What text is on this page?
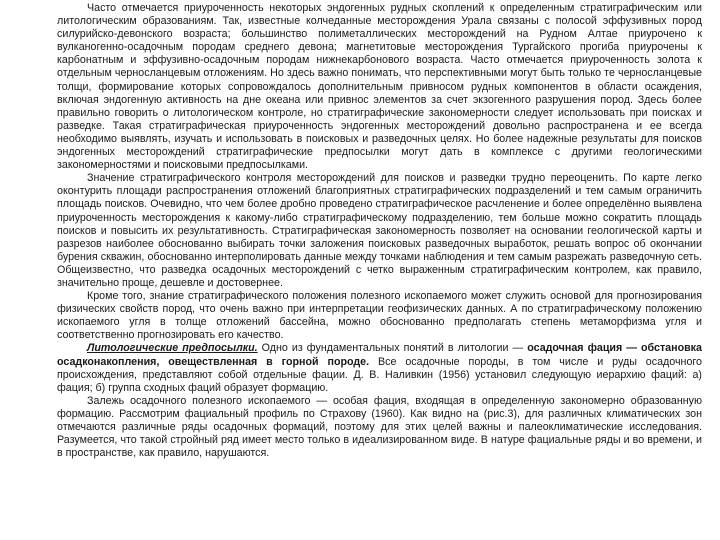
Часто отмечается приуроченность некоторых эндогенных рудных скоплений к определенным стратиграфическим или литологическим образованиям. Так, известные колчеданные месторождения Урала связаны с полосой эффузивных пород силурийско-девонского возраста; большинство полиметаллических месторождений на Рудном Алтае приурочено к вулканогенно-осадочным породам среднего девона; магнетитовые месторождения Тургайского прогиба приурочены к карбонатным и эффузивно-осадочным породам нижнекарбонового возраста. Часто отмечается приуроченность золота к отдельным черносланцевым отложениям. Но здесь важно понимать, что перспективными могут быть только те черносланцевые толщи, формирование которых сопровождалось дополнительным привносом рудных компонентов в области осаждения, включая эндогенную активность на дне океана или привнос элементов за счет экзогенного разрушения пород. Здесь более правильно говорить о литологическом контроле, но стратиграфические закономерности следует использовать при поисках и разведке. Такая стратиграфическая приуроченность эндогенных месторождений довольно распространена и ее всегда необходимо выявлять, изучать и использовать в поисковых и разведочных целях. Но более надежные результаты для поисков эндогенных месторождений стратиграфические предпосылки могут дать в комплексе с другими геологическими закономерностями и поисковыми предпосылками.

Значение стратиграфического контроля месторождений для поисков и разведки трудно переоценить. По карте легко оконтурить площади распространения отложений благоприятных стратиграфических подразделений и тем самым ограничить площадь поисков. Очевидно, что чем более дробно проведено стратиграфическое расчленение и более определённо выявлена приуроченность месторождения к какому-либо стратиграфическому подразделению, тем больше можно сократить площадь поисков и повысить их результативность. Стратиграфическая закономерность позволяет на основании геологической карты и разрезов наиболее обоснованно выбирать точки заложения поисковых разведочных выработок, решать вопрос об окончании бурения скважин, обоснованно интерполировать данные между точками наблюдения и тем самым разрежать разведочную сеть. Общеизвестно, что разведка осадочных месторождений с четко выраженным стратиграфическим контролем, как правило, значительно проще, дешевле и достовернее.

Кроме того, знание стратиграфического положения полезного ископаемого может служить основой для прогнозирования физических свойств пород, что очень важно при интерпретации геофизических данных. А по стратиграфическому положению ископаемого угля в толще отложений бассейна, можно обоснованно предполагать степень метаморфизма угля и соответственно прогнозировать его качество.

Литологические предпосылки. Одно из фундаментальных понятий в литологии — осадочная фация — обстановка осадконакопления, овеществленная в горной породе. Все осадочные породы, в том числе и руды осадочного происхождения, представляют собой отдельные фации. Д. В. Наливкин (1956) установил следующую иерархию фаций: а) фация; б) группа сходных фаций образует формацию.

Залежь осадочного полезного ископаемого — особая фация, входящая в определенную закономерно образованную формацию. Рассмотрим фациальный профиль по Страхову (1960). Как видно на (рис.3), для различных климатических зон отмечаются различные ряды осадочных формаций, поэтому для этих целей важны и палеоклиматические исследования. Разумеется, что такой стройный ряд имеет место только в идеализированном виде. В натуре фациальные ряды и во времени, и в пространстве, как правило, нарушаются.
